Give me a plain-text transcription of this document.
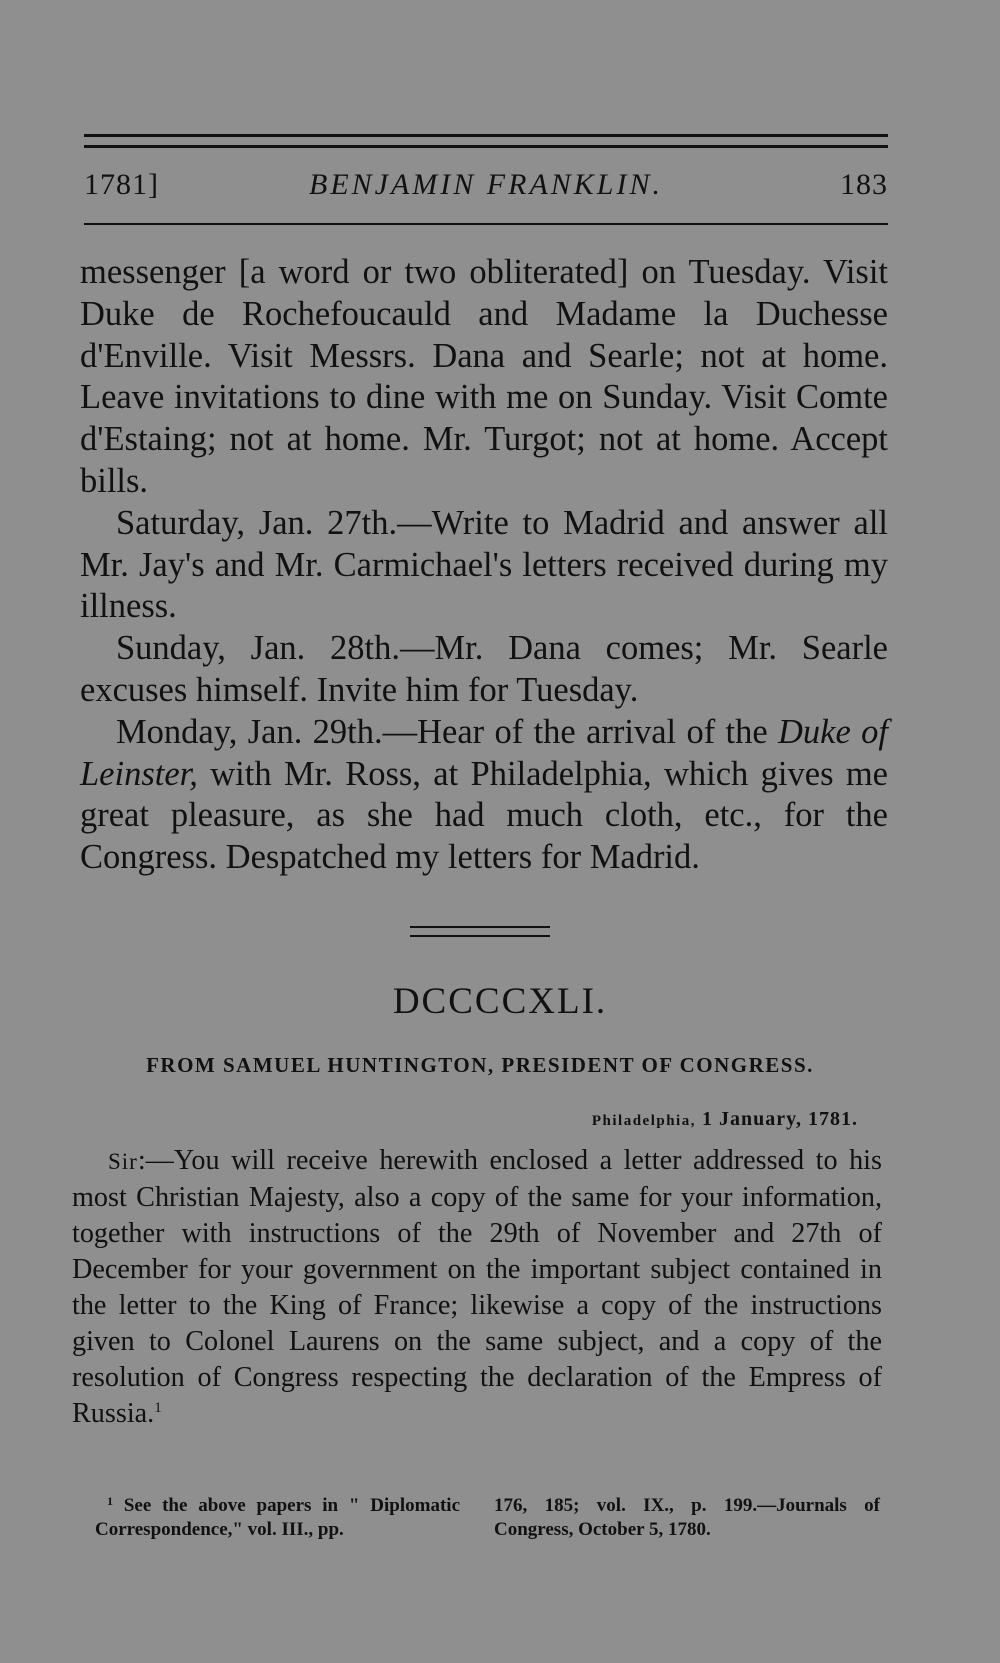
1781]	BENJAMIN FRANKLIN.	183

messenger [a word or two obliterated] on Tuesday. Visit Duke de Rochefoucauld and Madame la Duchesse d'Enville. Visit Messrs. Dana and Searle; not at home. Leave invitations to dine with me on Sunday. Visit Comte d'Estaing; not at home. Mr. Turgot; not at home. Accept bills.

Saturday, Jan. 27th.—Write to Madrid and answer all Mr. Jay's and Mr. Carmichael's letters received during my illness.

Sunday, Jan. 28th.—Mr. Dana comes; Mr. Searle excuses himself. Invite him for Tuesday.

Monday, Jan. 29th.—Hear of the arrival of the Duke of Leinster, with Mr. Ross, at Philadelphia, which gives me great pleasure, as she had much cloth, etc., for the Congress. Despatched my letters for Madrid.

DCCCCXLI.
FROM SAMUEL HUNTINGTON, PRESIDENT OF CONGRESS.
Philadelphia, 1 January, 1781.

Sir:—You will receive herewith enclosed a letter addressed to his most Christian Majesty, also a copy of the same for your information, together with instructions of the 29th of November and 27th of December for your government on the important subject contained in the letter to the King of France; likewise a copy of the instructions given to Colonel Laurens on the same subject, and a copy of the resolution of Congress respecting the declaration of the Empress of Russia.$^1$

$^1$ See the above papers in " Diplomatic Correspondence," vol. III., pp.
176, 185; vol. IX., p. 199.—Journals of Congress, October 5, 1780.
